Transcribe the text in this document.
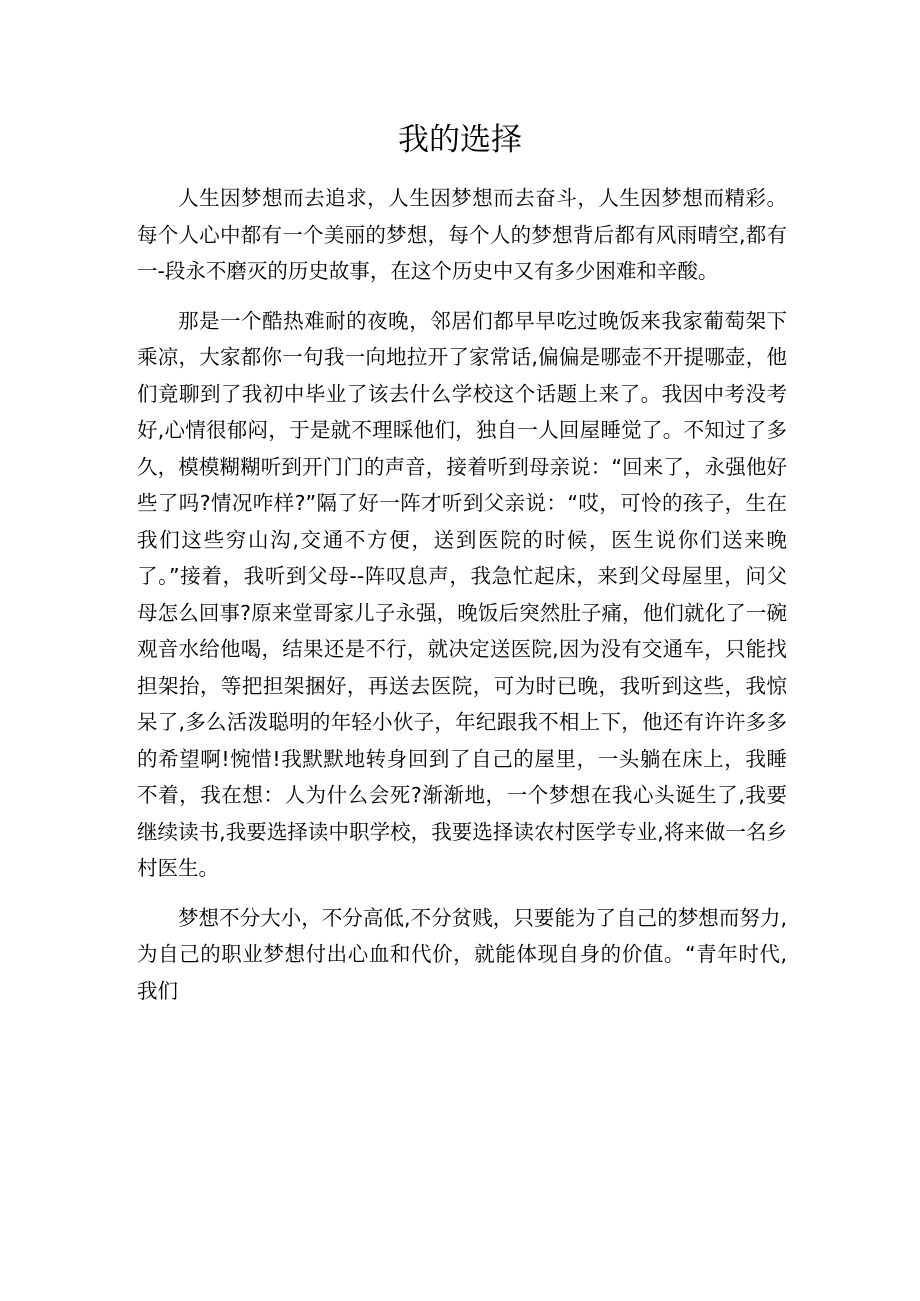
我的选择

人生因梦想而去追求，人生因梦想而去奋斗，人生因梦想而精彩。每个人心中都有一个美丽的梦想，每个人的梦想背后都有风雨晴空,都有一-段永不磨灭的历史故事，在这个历史中又有多少困难和辛酸。

那是一个酷热难耐的夜晚，邻居们都早早吃过晚饭来我家葡萄架下乘凉，大家都你一句我一向地拉开了家常话,偏偏是哪壶不开提哪壶，他们竟聊到了我初中毕业了该去什么学校这个话题上来了。我因中考没考好,心情很郁闷，于是就不理睬他们，独自一人回屋睡觉了。不知过了多久，模模糊糊听到开门门的声音，接着听到母亲说：“回来了，永强他好些了吗?情况咋样?”隔了好一阵才听到父亲说：“哎，可怜的孩子，生在我们这些穷山沟,交通不方便，送到医院的时候，医生说你们送来晚了。”接着，我听到父母--阵叹息声，我急忙起床，来到父母屋里，问父母怎么回事?原来堂哥家儿子永强，晚饭后突然肚子痛，他们就化了一碗观音水给他喝，结果还是不行，就决定送医院,因为没有交通车，只能找担架抬，等把担架捆好，再送去医院，可为时已晚，我听到这些，我惊呆了,多么活泼聪明的年轻小伙子，年纪跟我不相上下，他还有许许多多的希望啊!惋惜!我默默地转身回到了自己的屋里，一头躺在床上，我睡不着，我在想：人为什么会死?渐渐地，一个梦想在我心头诞生了,我要继续读书,我要选择读中职学校，我要选择读农村医学专业,将来做一名乡村医生。

梦想不分大小，不分高低,不分贫贱，只要能为了自己的梦想而努力,为自己的职业梦想付出心血和代价，就能体现自身的价值。“青年时代,我们
